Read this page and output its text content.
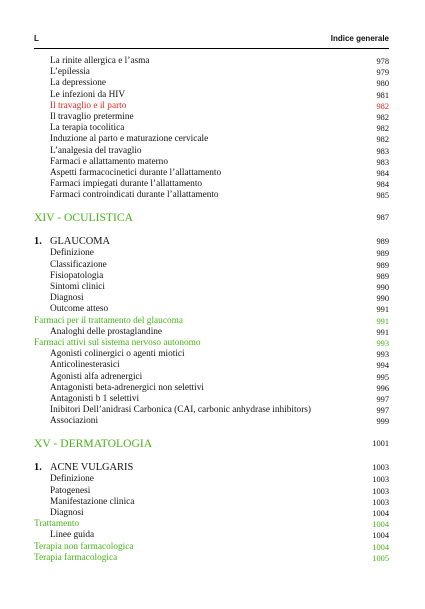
L	Indice generale
La rinite allergica e l’asma	978
L’epilessia	979
La depressione	980
Le infezioni da HIV	981
Il travaglio e il parto	982
Il travaglio pretermine	982
La terapia tocolitica	982
Induzione al parto e maturazione cervicale	982
L’analgesia del travaglio	983
Farmaci e allattamento materno	983
Aspetti farmacocinetici durante l’allattamento	984
Farmaci impiegati durante l’allattamento	984
Farmaci controindicati durante l’allattamento	985
XIV - OCULISTICA	987
1. GLAUCOMA	989
Definizione	989
Classificazione	989
Fisiopatologia	989
Sintomi clinici	990
Diagnosi	990
Outcome atteso	991
Farmaci per il trattamento del glaucoma	991
Analoghi delle prostaglandine	991
Farmaci attivi sul sistema nervoso autonomo	993
Agonisti colinergici o agenti miotici	993
Anticolinesterasici	994
Agonisti alfa adrenergici	995
Antagonisti beta-adrenergici non selettivi	996
Antagonisti b 1 selettivi	997
Inibitori Dell’anidrasi Carbonica (CAI, carbonic anhydrase inhibitors)	997
Associazioni	999
XV - DERMATOLOGIA	1001
1. ACNE VULGARIS	1003
Definizione	1003
Patogenesi	1003
Manifestazione clinica	1003
Diagnosi	1004
Trattamento	1004
Linee guida	1004
Terapia non farmacologica	1004
Terapia farmacologica	1005
